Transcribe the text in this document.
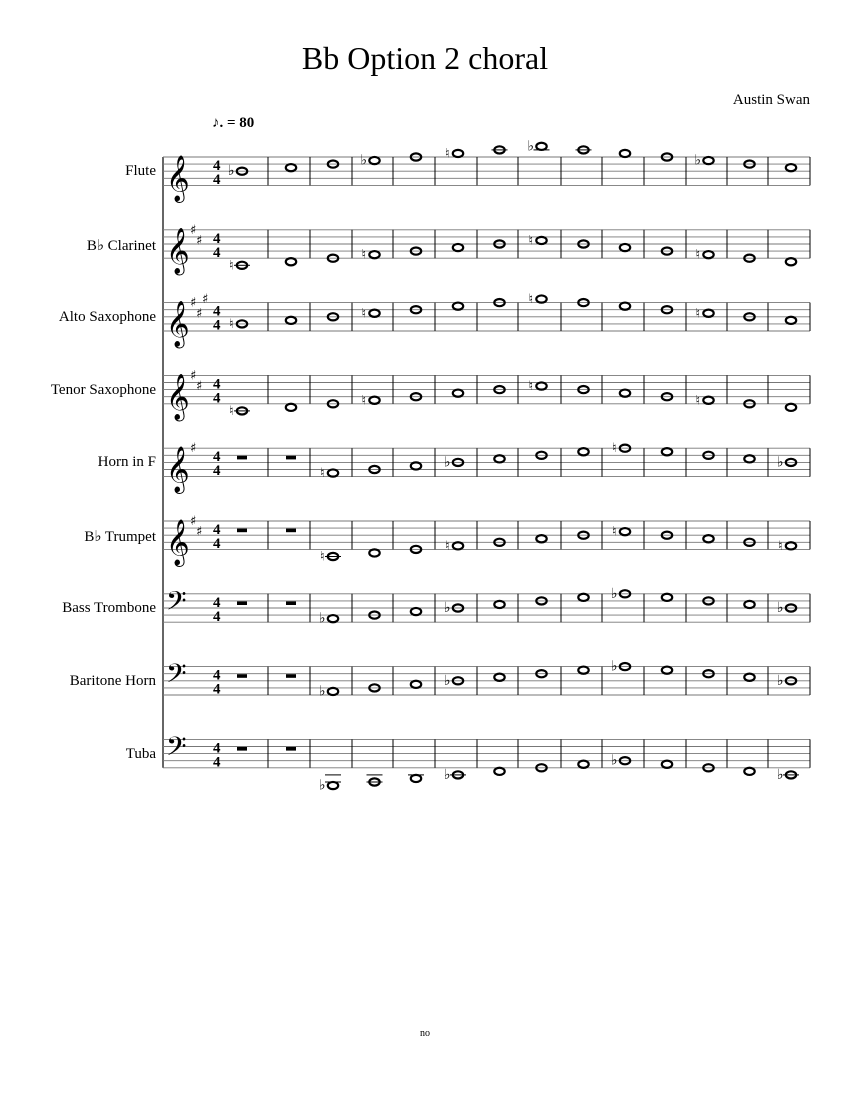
Bb Option 2 choral
Austin Swan
♪. = 80
Flute
B♭ Clarinet
Alto Saxophone
Tenor Saxophone
Horn in F
B♭ Trumpet
Bass Trombone
Baritone Horn
Tuba
𝄞 4
4
♭
♭	♮	♭
♭
𝄞 ♯
♯ 4
4
♮
♮
♮
♮
𝄞 ♯
♯
♯
4
4 ♮
♮
♮
♮
𝄞 ♯
♯ 4
4
♮
♮
♮
♮
𝄞 ♯
4
4	♮
♭
♮
♭
𝄞 ♯
♯ 4
4
♮
♮
♮
♮
𝄢 4
4	♭
♭
♭
♭
𝄢 4
4	♭
♭
♭
♭
𝄢 4
4
♭
♭
♭
♭
no
